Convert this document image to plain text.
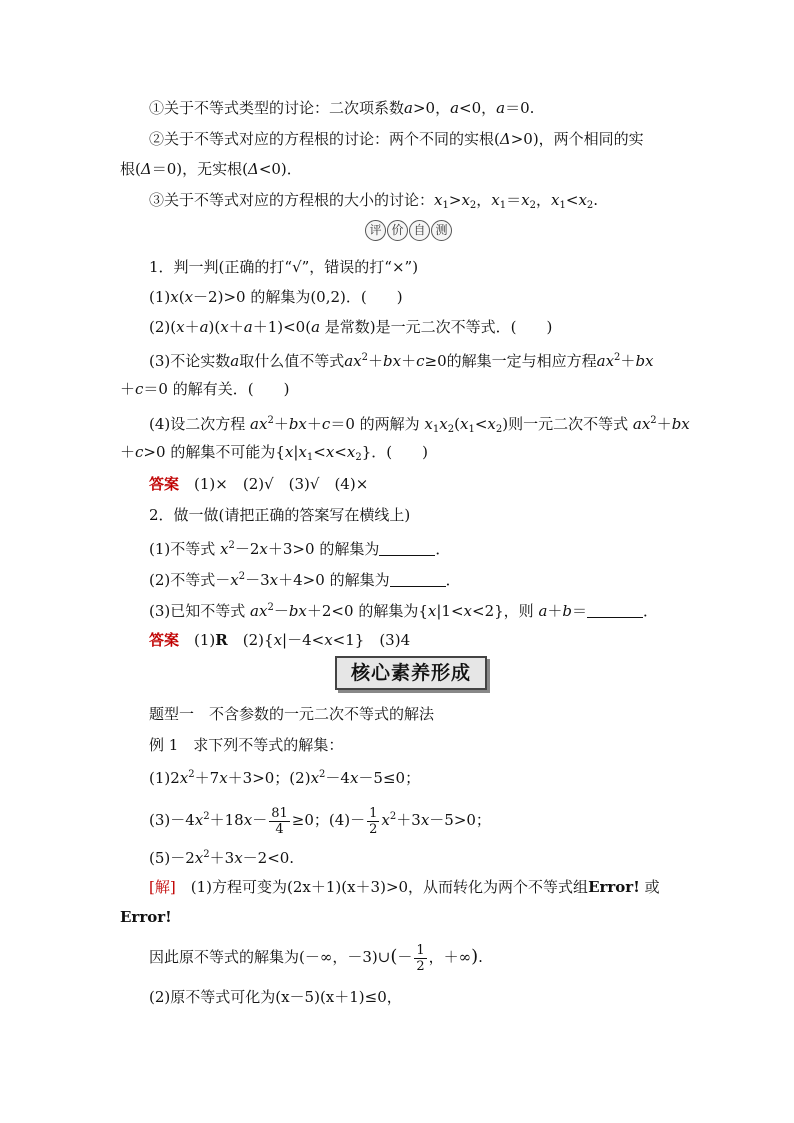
①关于不等式类型的讨论：二次项系数a>0，a<0，a＝0.
②关于不等式对应的方程根的讨论：两个不同的实根(Δ>0)，两个相同的实
根(Δ＝0)，无实根(Δ<0)．
③关于不等式对应的方程根的大小的讨论：$x_1>x_2$，$x_1=x_2$，$x_1<x_2$.
评 价 自 测
1．判一判(正确的打“√”，错误的打“×”)
(1)x(x－2)>0 的解集为(0,2)．(　　)
(2)(x＋a)(x＋a＋1)<0(a 是常数)是一元二次不等式．(　　)
(3)不论实数a取什么值不等式$ax^2+bx+c\ge 0$的解集一定与相应方程$ax^2+bx$
＋c＝0 的解有关．(　　)
(4)设二次方程 $ax^2+bx+c=0$ 的两解为 $x_1x_2(x_1<x_2)$则一元二次不等式 $ax^2+bx$
＋c>0 的解集不可能为$\{x|x_1<x<x_2\}$．(　　)
答案　 (1)×　(2)√　(3)√　(4)×
2．做一做(请把正确的答案写在横线上)
(1)不等式 $x^2-2x+3>0$ 的解集为	．
(2)不等式$-x^2-3x+4>0$ 的解集为	．
(3)已知不等式 $ax^2-bx+2<0$ 的解集为{x|1<x<2}，则 a＋b＝	．
答案　 (1)R　 (2){x|－4<x<1}　(3)4
核心素养形成
题型一　不含参数的一元二次不等式的解法
例 1　求下列不等式的解集：
$(1)2x^2+7x+3>0$；$(2)x^2-4x-5\le 0$；
$(3)-4x^2+18x- \frac{81}{4} \ge 0$；$(4)- \frac{1}{2} x^2+3x-5>0$；
$(5)-2x^2+3x-2<0$.
[解]　 (1)方程可变为(2x＋1)(x＋3)>0，从而转化为两个不等式组Error! 或
Error!
因此原不等式的解集为(－∞，－3)∪(－ $\frac{1}{2}$ ，＋∞).
(2)原不等式可化为(x－5)(x＋1)≤0，
